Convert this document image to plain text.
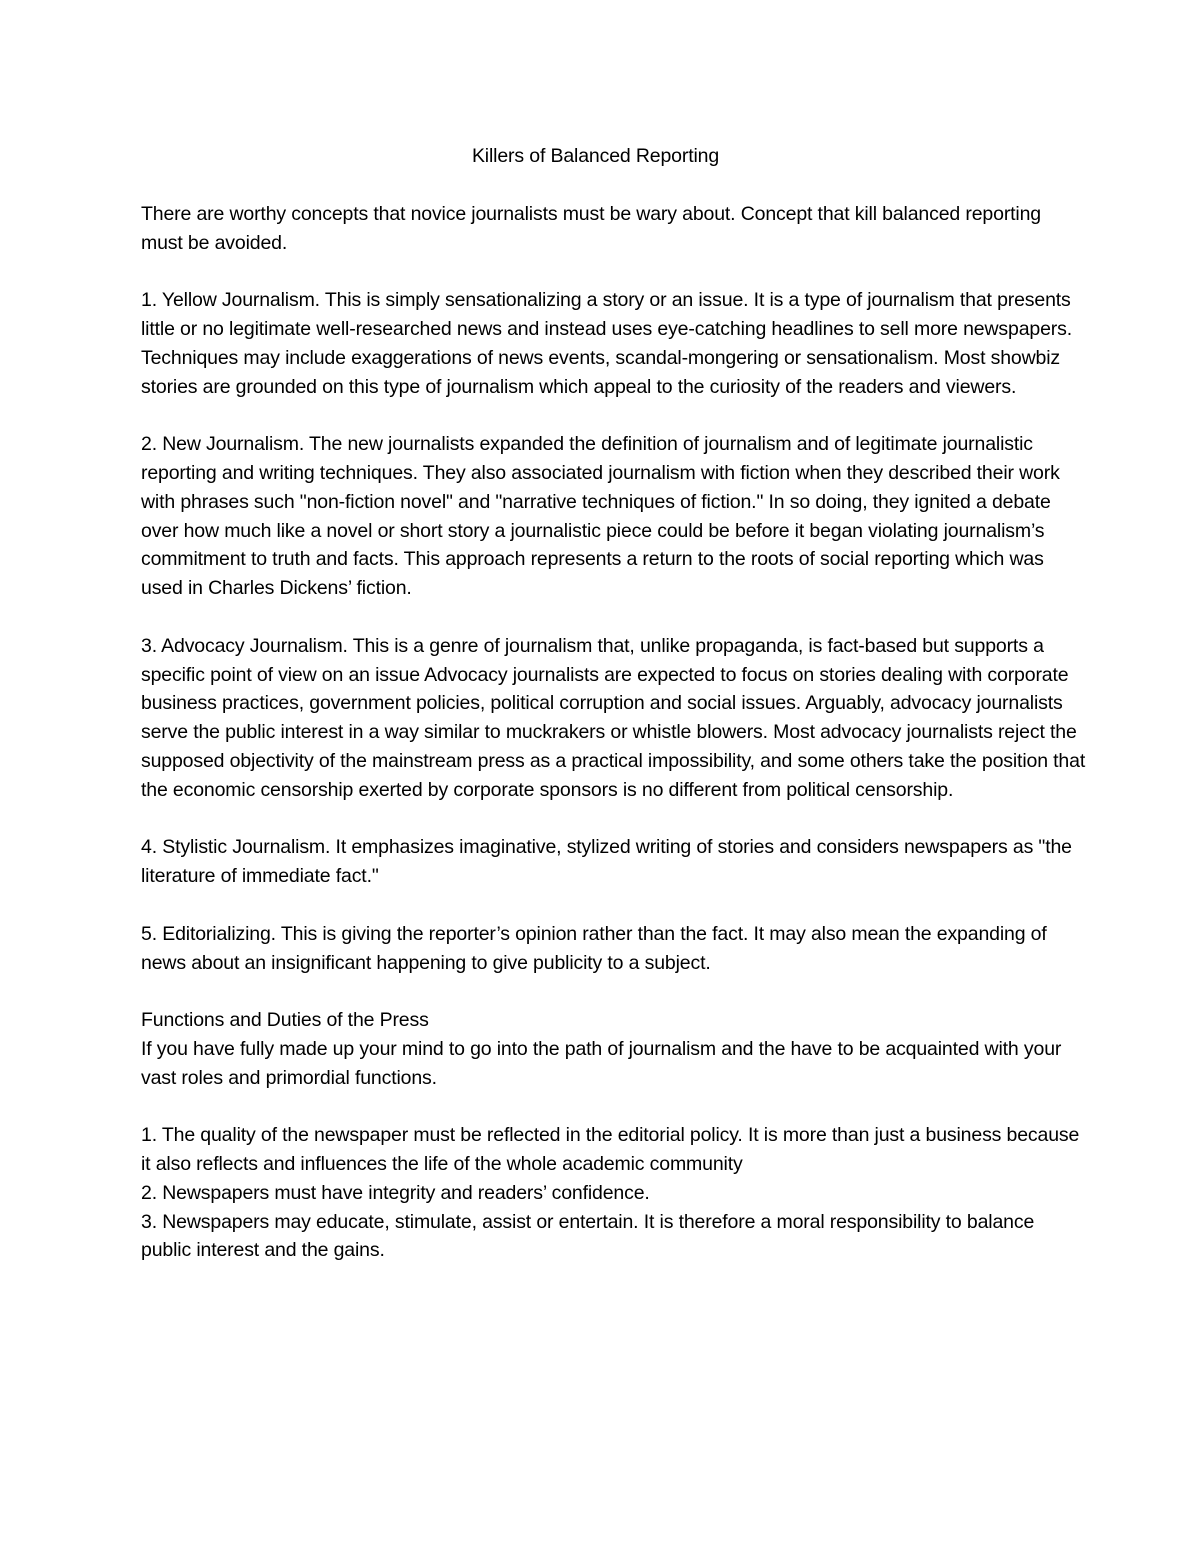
Killers of Balanced Reporting

There are worthy concepts that novice journalists must be wary about. Concept that kill balanced reporting must be avoided.

1. Yellow Journalism. This is simply sensationalizing a story or an issue. It is a type of journalism that presents little or no legitimate well-researched news and instead uses eye-catching headlines to sell more newspapers. Techniques may include exaggerations of news events, scandal-mongering or sensationalism. Most showbiz stories are grounded on this type of journalism which appeal to the curiosity of the readers and viewers.

2. New Journalism. The new journalists expanded the definition of journalism and of legitimate journalistic reporting and writing techniques. They also associated journalism with fiction when they described their work with phrases such "non-fiction novel" and "narrative techniques of fiction." In so doing, they ignited a debate over how much like a novel or short story a journalistic piece could be before it began violating journalism’s commitment to truth and facts. This approach represents a return to the roots of social reporting which was used in Charles Dickens’ fiction.

3. Advocacy Journalism. This is a genre of journalism that, unlike propaganda, is fact-based but supports a specific point of view on an issue Advocacy journalists are expected to focus on stories dealing with corporate business practices, government policies, political corruption and social issues. Arguably, advocacy journalists serve the public interest in a way similar to muckrakers or whistle blowers. Most advocacy journalists reject the supposed objectivity of the mainstream press as a practical impossibility, and some others take the position that the economic censorship exerted by corporate sponsors is no different from political censorship.

4. Stylistic Journalism. It emphasizes imaginative, stylized writing of stories and considers newspapers as "the literature of immediate fact."

5. Editorializing. This is giving the reporter’s opinion rather than the fact. It may also mean the expanding of news about an insignificant happening to give publicity to a subject.

Functions and Duties of the Press

If you have fully made up your mind to go into the path of journalism and the have to be acquainted with your vast roles and primordial functions.

1. The quality of the newspaper must be reflected in the editorial policy. It is more than just a business because it also reflects and influences the life of the whole academic community

2. Newspapers must have integrity and readers’ confidence.

3. Newspapers may educate, stimulate, assist or entertain. It is therefore a moral responsibility to balance public interest and the gains.
